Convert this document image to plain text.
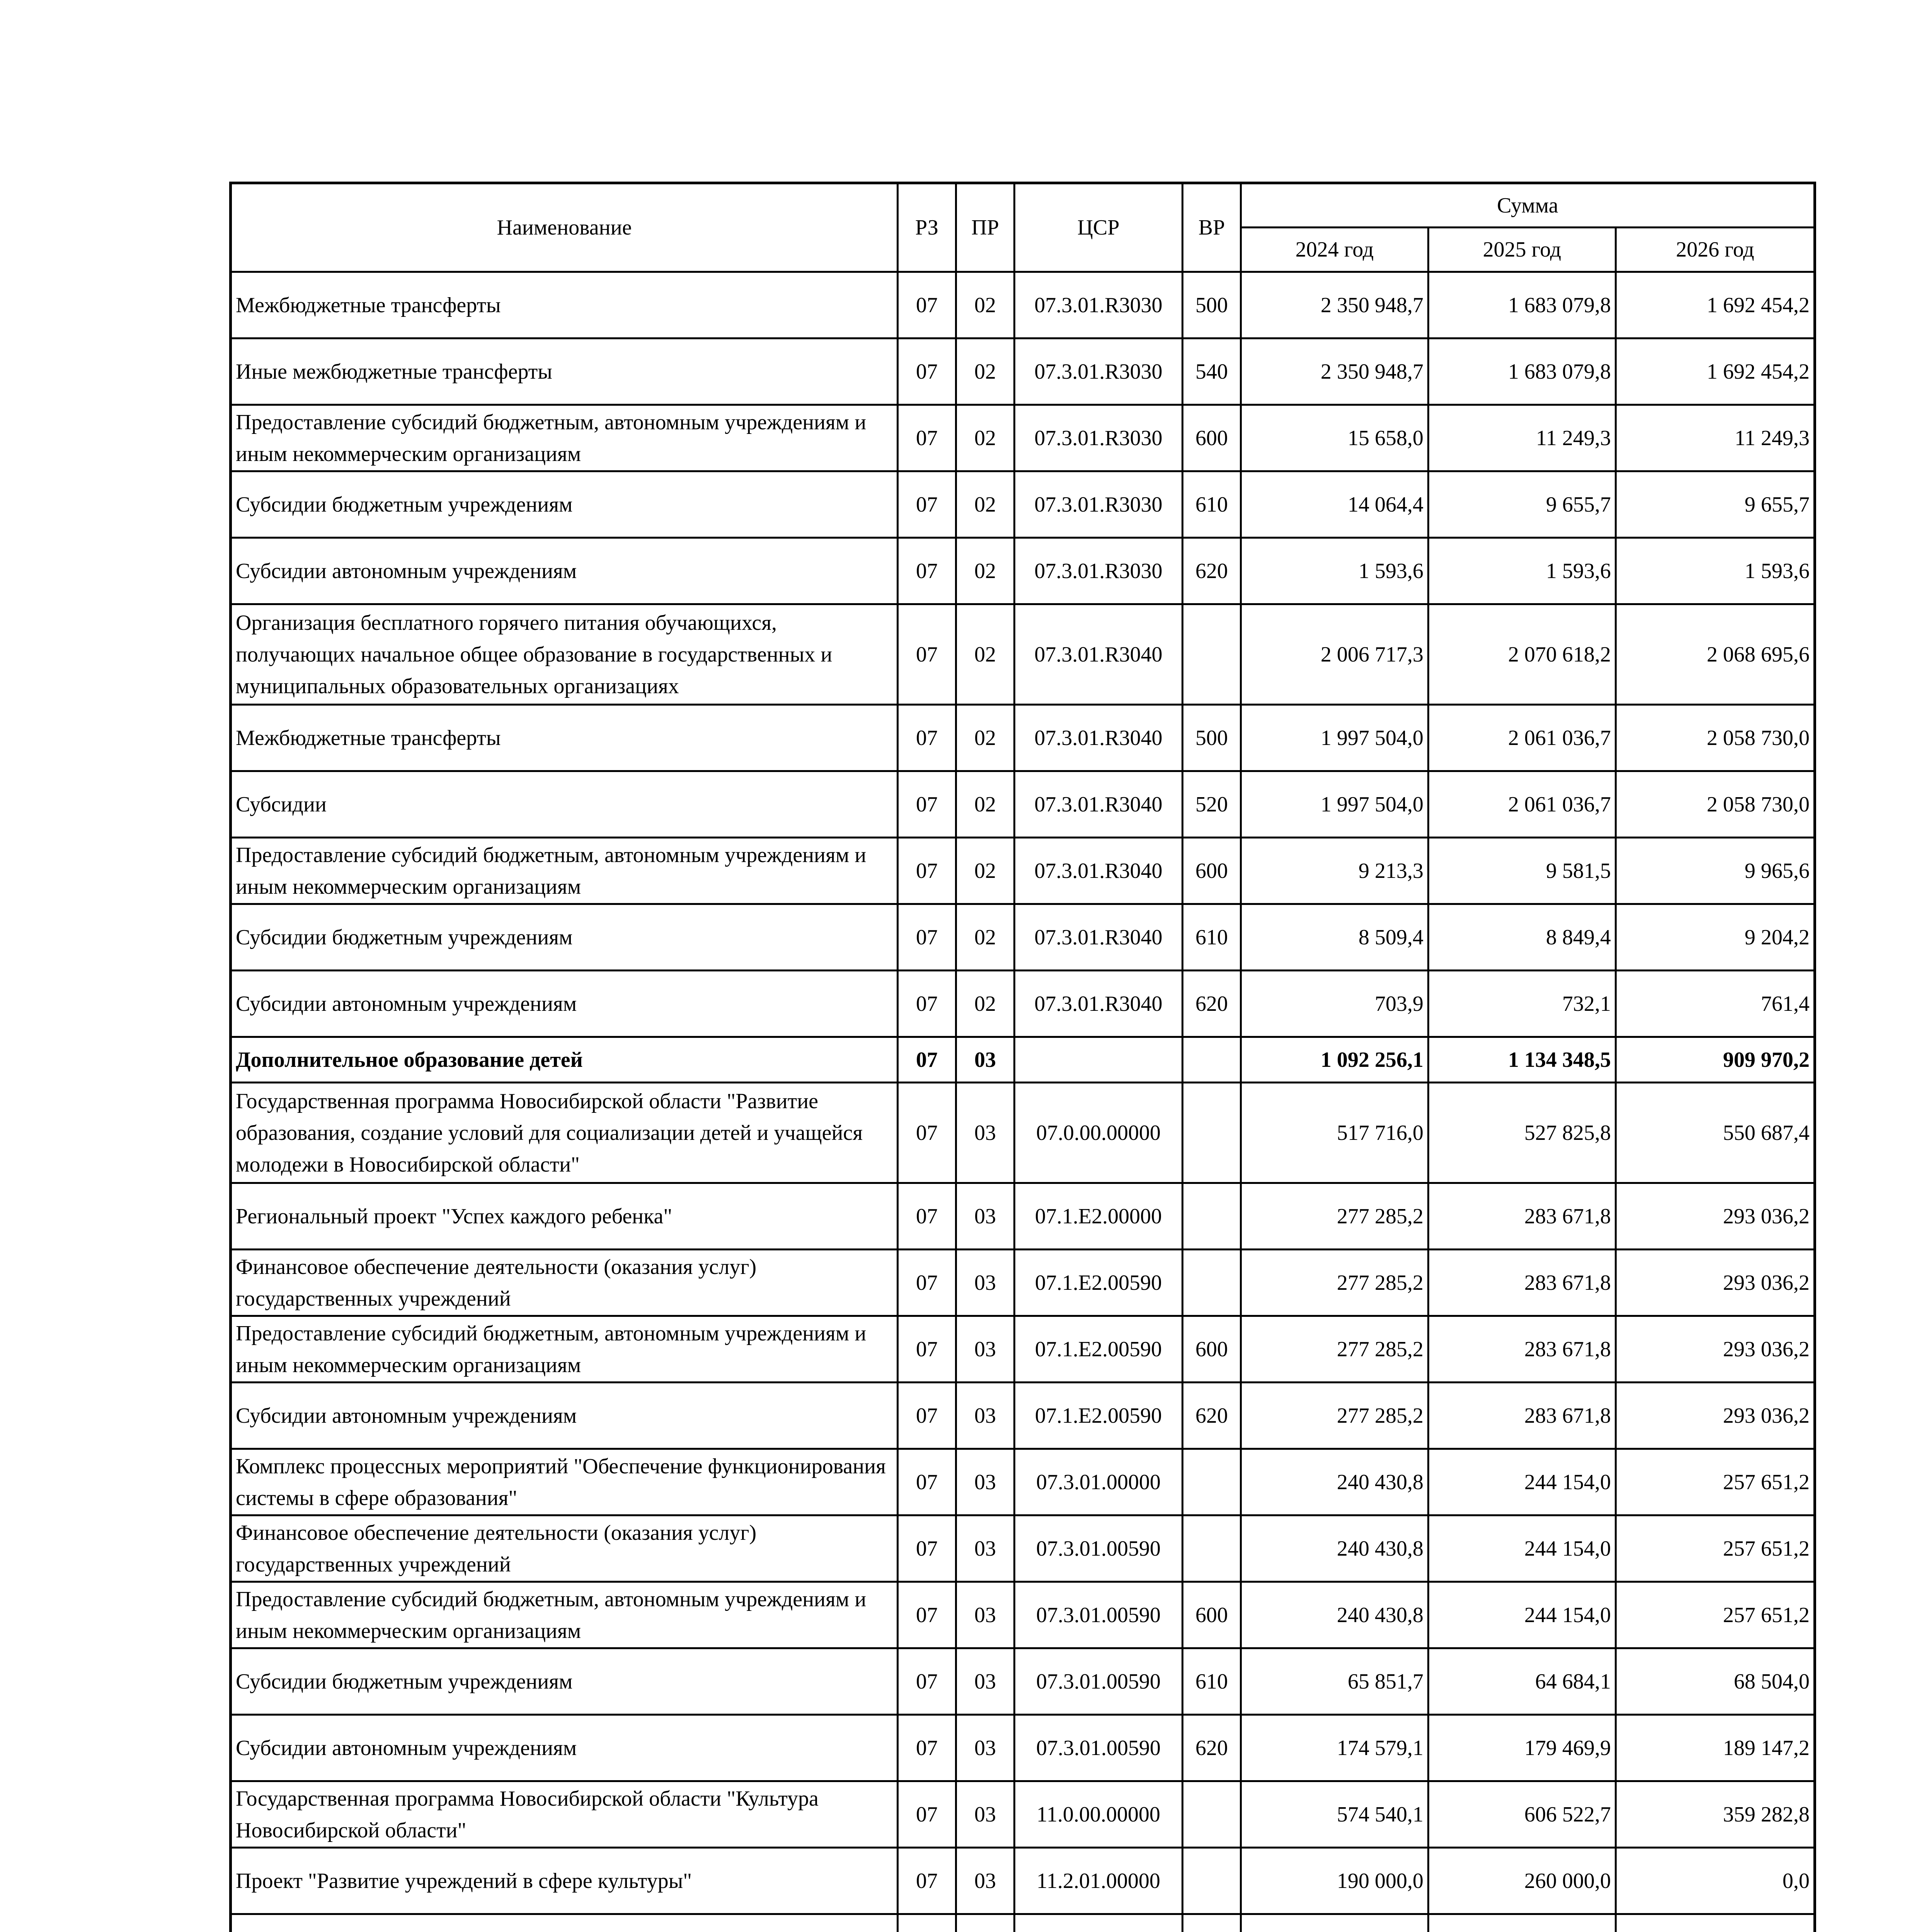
Наименование	РЗ	ПР	ЦСР	ВР	Сумма		
					2024 год	2025 год	2026 год
Межбюджетные трансферты	07	02	07.3.01.R3030	500	2 350 948,7	1 683 079,8	1 692 454,2
Иные межбюджетные трансферты	07	02	07.3.01.R3030	540	2 350 948,7	1 683 079,8	1 692 454,2
Предоставление субсидий бюджетным, автономным учреждениям и иным некоммерческим организациям	07	02	07.3.01.R3030	600	15 658,0	11 249,3	11 249,3
Субсидии бюджетным учреждениям	07	02	07.3.01.R3030	610	14 064,4	9 655,7	9 655,7
Субсидии автономным учреждениям	07	02	07.3.01.R3030	620	1 593,6	1 593,6	1 593,6
Организация бесплатного горячего питания обучающихся, получающих начальное общее образование в государственных и муниципальных образовательных организациях	07	02	07.3.01.R3040		2 006 717,3	2 070 618,2	2 068 695,6
Межбюджетные трансферты	07	02	07.3.01.R3040	500	1 997 504,0	2 061 036,7	2 058 730,0
Субсидии	07	02	07.3.01.R3040	520	1 997 504,0	2 061 036,7	2 058 730,0
Предоставление субсидий бюджетным, автономным учреждениям и иным некоммерческим организациям	07	02	07.3.01.R3040	600	9 213,3	9 581,5	9 965,6
Субсидии бюджетным учреждениям	07	02	07.3.01.R3040	610	8 509,4	8 849,4	9 204,2
Субсидии автономным учреждениям	07	02	07.3.01.R3040	620	703,9	732,1	761,4
Дополнительное образование детей	07	03			1 092 256,1	1 134 348,5	909 970,2
Государственная программа Новосибирской области "Развитие образования, создание условий для социализации детей и учащейся молодежи в Новосибирской области"	07	03	07.0.00.00000		517 716,0	527 825,8	550 687,4
Региональный проект "Успех каждого ребенка"	07	03	07.1.E2.00000		277 285,2	283 671,8	293 036,2
Финансовое обеспечение деятельности (оказания услуг) государственных учреждений	07	03	07.1.E2.00590		277 285,2	283 671,8	293 036,2
Предоставление субсидий бюджетным, автономным учреждениям и иным некоммерческим организациям	07	03	07.1.E2.00590	600	277 285,2	283 671,8	293 036,2
Субсидии автономным учреждениям	07	03	07.1.E2.00590	620	277 285,2	283 671,8	293 036,2
Комплекс процессных мероприятий "Обеспечение функционирования системы в сфере образования"	07	03	07.3.01.00000		240 430,8	244 154,0	257 651,2
Финансовое обеспечение деятельности (оказания услуг) государственных учреждений	07	03	07.3.01.00590		240 430,8	244 154,0	257 651,2
Предоставление субсидий бюджетным, автономным учреждениям и иным некоммерческим организациям	07	03	07.3.01.00590	600	240 430,8	244 154,0	257 651,2
Субсидии бюджетным учреждениям	07	03	07.3.01.00590	610	65 851,7	64 684,1	68 504,0
Субсидии автономным учреждениям	07	03	07.3.01.00590	620	174 579,1	179 469,9	189 147,2
Государственная программа Новосибирской области "Культура Новосибирской области"	07	03	11.0.00.00000		574 540,1	606 522,7	359 282,8
Проект "Развитие учреждений в сфере культуры"	07	03	11.2.01.00000		190 000,0	260 000,0	0,0
